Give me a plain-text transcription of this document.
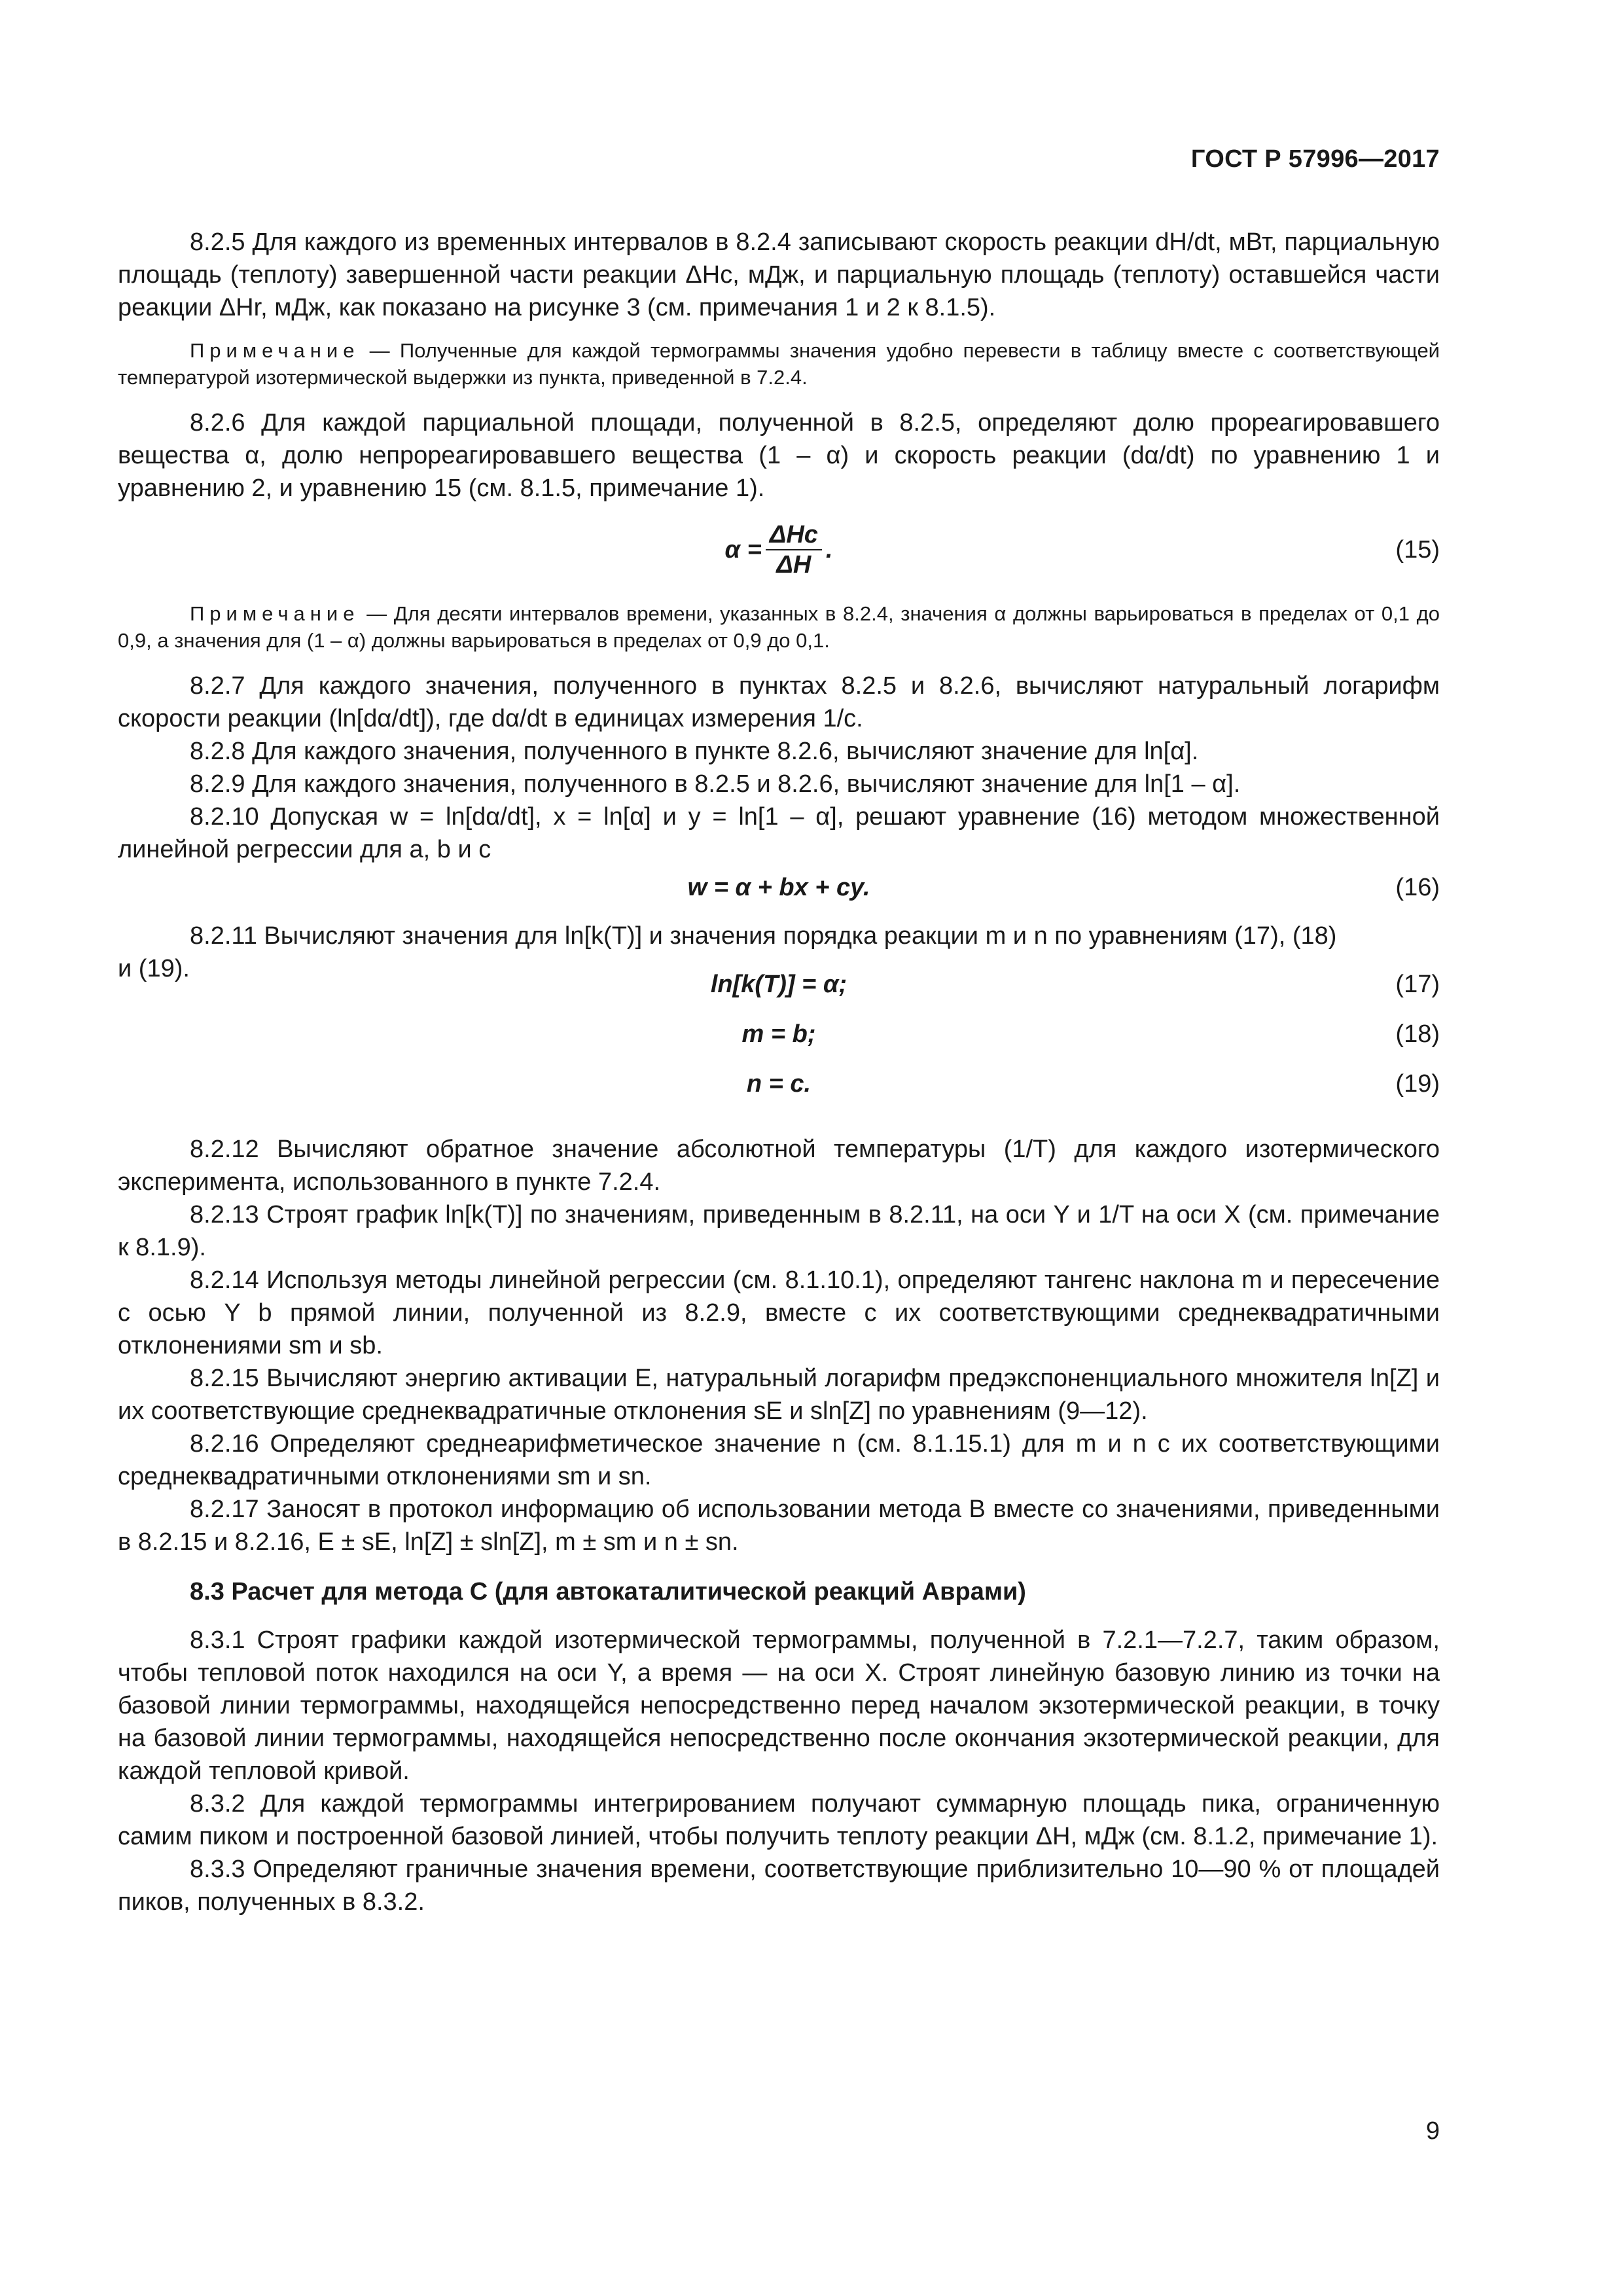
ГОСТ Р 57996—2017

8.2.5 Для каждого из временных интервалов в 8.2.4 записывают скорость реакции dH/dt, мВт, парциальную площадь (теплоту) завершенной части реакции ΔHc, мДж, и парциальную площадь (теплоту) оставшейся части реакции ΔHr, мДж, как показано на рисунке 3 (см. примечания 1 и 2 к 8.1.5).

Примечание — Полученные для каждой термограммы значения удобно перевести в таблицу вместе с соответствующей температурой изотермической выдержки из пункта, приведенной в 7.2.4.

8.2.6 Для каждой парциальной площади, полученной в 8.2.5, определяют долю прореагировавшего вещества α, долю непрореагировавшего вещества (1 – α) и скорость реакции (dα/dt) по уравнению 1 и уравнению 2, и уравнению 15 (см. 8.1.5, примечание 1).

$\alpha = \frac{\text{ΔHc}}{\Delta H}$ .	(15)

Примечание — Для десяти интервалов времени, указанных в 8.2.4, значения α должны варьироваться в пределах от 0,1 до 0,9, а значения для (1 – α) должны варьироваться в пределах от 0,9 до 0,1.

8.2.7 Для каждого значения, полученного в пунктах 8.2.5 и 8.2.6, вычисляют натуральный логарифм скорости реакции (ln[dα/dt]), где dα/dt в единицах измерения 1/с.

8.2.8 Для каждого значения, полученного в пункте 8.2.6, вычисляют значение для ln[α].

8.2.9 Для каждого значения, полученного в 8.2.5 и 8.2.6, вычисляют значение для ln[1 – α].

8.2.10 Допуская w = ln[dα/dt], x = ln[α] и y = ln[1 – α], решают уравнение (16) методом множественной линейной регрессии для a, b и c

w = α + bx + cy.	(16)

8.2.11 Вычисляют значения для ln[k(T)] и значения порядка реакции m и n по уравнениям (17), (18)

и (19).

ln[k(T)] = α;	(17)
m = b;	(18)
n = c.	(19)

8.2.12 Вычисляют обратное значение абсолютной температуры (1/T) для каждого изотермического эксперимента, использованного в пункте 7.2.4.

8.2.13 Строят график ln[k(T)] по значениям, приведенным в 8.2.11, на оси Y и 1/T на оси X (см. примечание к 8.1.9).

8.2.14 Используя методы линейной регрессии (см. 8.1.10.1), определяют тангенс наклона m и пересечение с осью Y b прямой линии, полученной из 8.2.9, вместе с их соответствующими среднеквадратичными отклонениями sm и sb.

8.2.15 Вычисляют энергию активации E, натуральный логарифм предэкспоненциального множителя ln[Z] и их соответствующие среднеквадратичные отклонения sE и sln[Z] по уравнениям (9—12).

8.2.16 Определяют среднеарифметическое значение n (см. 8.1.15.1) для m и n с их соответствующими среднеквадратичными отклонениями sm и sn.

8.2.17 Заносят в протокол информацию об использовании метода B вместе со значениями, приведенными в 8.2.15 и 8.2.16, E ± sE, ln[Z] ± sln[Z], m ± sm и n ± sn.

8.3 Расчет для метода C (для автокаталитической реакций Аврами)

8.3.1 Строят графики каждой изотермической термограммы, полученной в 7.2.1—7.2.7, таким образом, чтобы тепловой поток находился на оси Y, а время — на оси X. Строят линейную базовую линию из точки на базовой линии термограммы, находящейся непосредственно перед началом экзотермической реакции, в точку на базовой линии термограммы, находящейся непосредственно после окончания экзотермической реакции, для каждой тепловой кривой.

8.3.2 Для каждой термограммы интегрированием получают суммарную площадь пика, ограниченную самим пиком и построенной базовой линией, чтобы получить теплоту реакции ΔH, мДж (см. 8.1.2, примечание 1).

8.3.3 Определяют граничные значения времени, соответствующие приблизительно 10—90 % от площадей пиков, полученных в 8.3.2.

9
